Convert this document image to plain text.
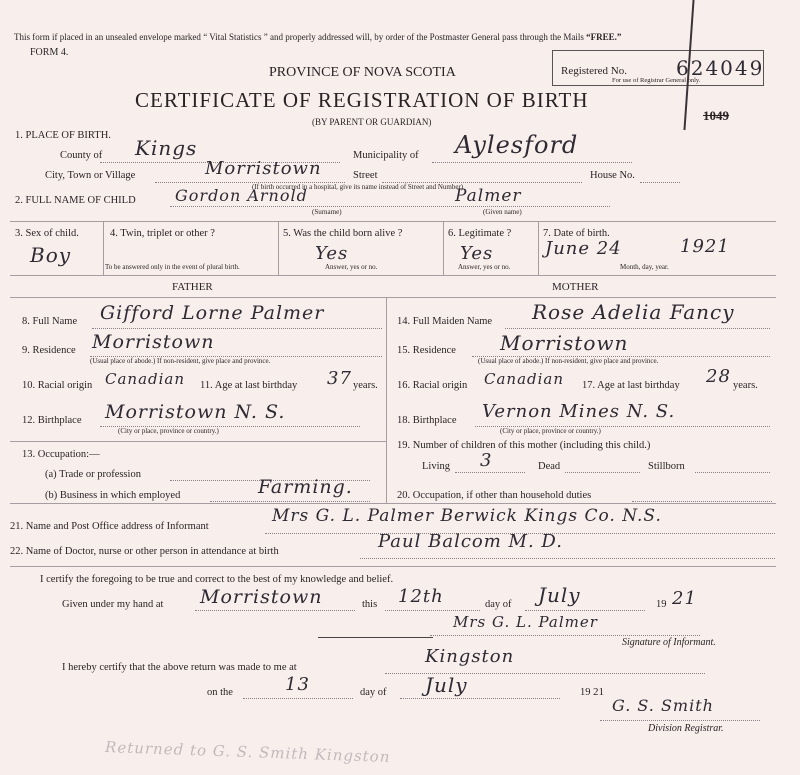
This form if placed in an unsealed envelope marked “ Vital Statistics ” and properly addressed will, by order of the Postmaster General pass through the Mails “FREE.”
FORM 4.
Registered No. 624049
For use of Registrar General only.
1049
PROVINCE OF NOVA SCOTIA
CERTIFICATE OF REGISTRATION OF BIRTH
(BY PARENT OR GUARDIAN)
1. PLACE OF BIRTH.
County of Kings	Municipality of Aylesford
City, Town or Village	Morristown	Street	House No.
(If birth occurred in a hospital, give its name instead of Street and Number)
2. FULL NAME OF CHILD Gordon Arnold	Palmer
(Surname)	(Given name)
3. Sex of child.
Boy
4. Twin, triplet or other ?
To be answered only in the event of plural birth.
5. Was the child born alive ?
Yes
Answer, yes or no.
6. Legitimate ?
Yes
Answer, yes or no.
7. Date of birth.
June 24	1921
Month, day, year.
FATHER	MOTHER
8. Full Name Gifford Lorne Palmer
9. Residence Morristown
(Usual place of abode.) If non-resident, give place and province.
10. Racial origin Canadian 11. Age at last birthday 37 years.
12. Birthplace Morristown N. S.
(City or place, province or country.)
13. Occupation:—
(a) Trade or profession
(b) Business in which employed	Farming.
14. Full Maiden Name Rose Adelia Fancy
15. Residence Morristown
(Usual place of abode.) If non-resident, give place and province.
16. Racial origin Canadian 17. Age at last birthday 28 years.
18. Birthplace Vernon Mines N. S.
(City or place, province or country.)
19. Number of children of this mother (including this child.)
Living 3	Dead	Stillborn
20. Occupation, if other than household duties
21. Name and Post Office address of Informant
Mrs G. L. Palmer Berwick Kings Co. N.S.
22. Name of Doctor, nurse or other person in attendance at birth	Paul Balcom M. D.
I certify the foregoing to be true and correct to the best of my knowledge and belief.
Given under my hand at Morristown	this 12th	day of July	19 21
Mrs G. L. Palmer
Signature of Informant.
I hereby certify that the above return was made to me at
Kingston
on the	13	day of July	19 21
G. S. Smith
Division Registrar.
Returned to G. S. Smith Kingston
